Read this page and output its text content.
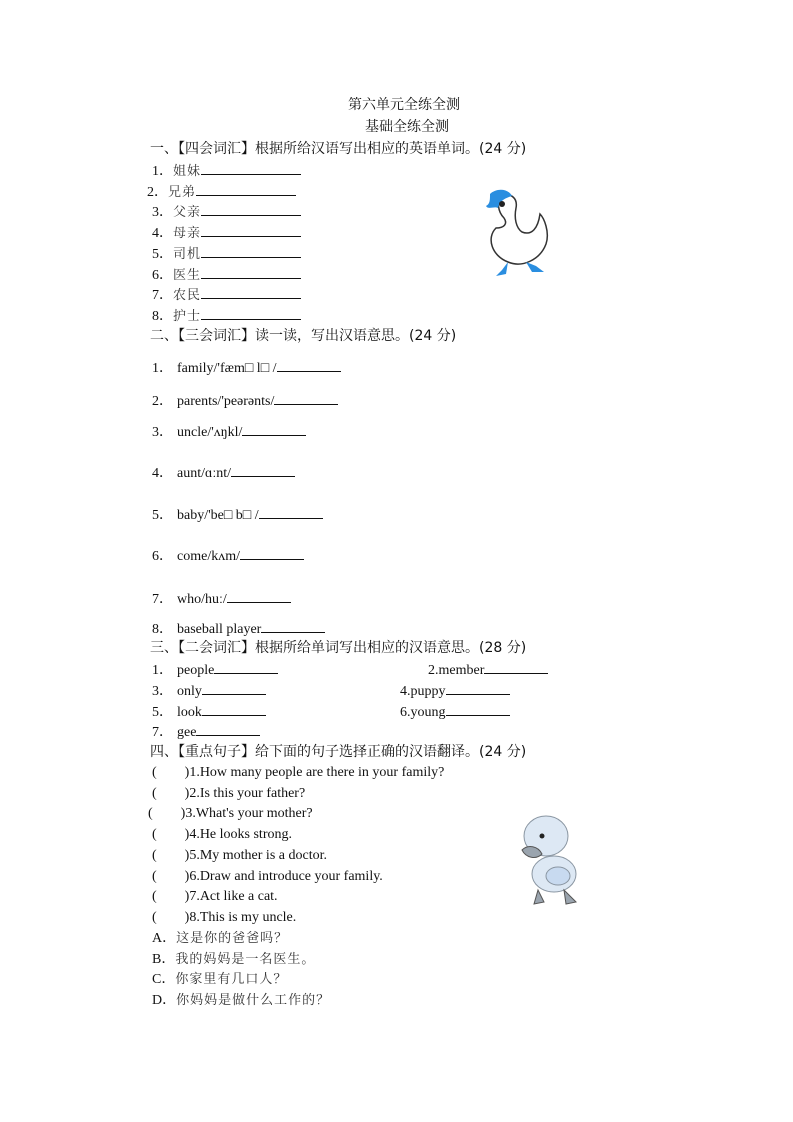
第六单元全练全测
基础全练全测
一、【四会词汇】根据所给汉语写出相应的英语单词。(24 分)
1．姐妹
2．兄弟
3．父亲
4．母亲
5．司机
6．医生
7．农民
8．护士
二、【三会词汇】读一读，写出汉语意思。(24 分)
1． family/'fæm□ l□ /
2． parents/'peərənts/
3． uncle/'ʌŋkl/
4． aunt/ɑːnt/
5． baby/'be□ b□ /
6． come/kʌm/
7． who/huː/
8． baseball player
三、【二会词汇】根据所给单词写出相应的汉语意思。(28 分)
1． people	2.member
3． only	4.puppy
5． look	6.young
7． gee
四、【重点句子】给下面的句子选择正确的汉语翻译。(24 分)
(　　)1.How many people are there in your family?
(　　)2.Is this your father?
(　　)3.What's your mother?
(　　)4.He looks strong.
(　　)5.My mother is a doctor.
(　　)6.Draw and introduce your family.
(　　)7.Act like a cat.
(　　)8.This is my uncle.
A．这是你的爸爸吗？
B．我的妈妈是一名医生。
C．你家里有几口人？
D．你妈妈是做什么工作的？
